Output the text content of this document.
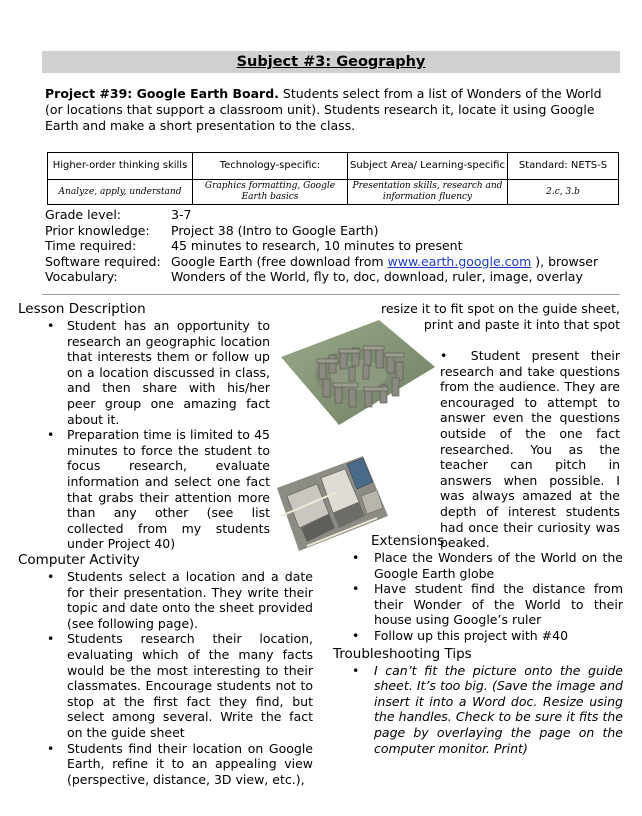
Subject #3: Geography
Project #39: Google Earth Board. Students select from a list of Wonders of the World (or locations that support a classroom unit). Students research it, locate it using Google Earth and make a short presentation to the class.
Higher-order thinking skills	Technology-specific:	Subject Area/ Learning-specific	Standard: NETS-S
Analyze, apply, understand	Graphics formatting, Google Earth basics	Presentation skills, research and information fluency	2.c, 3.b
Grade level:	3-7
Prior knowledge:	Project 38 (Intro to Google Earth)
Time required:	45 minutes to research, 10 minutes to present
Software required: Google Earth (free download from www.earth.google.com ), browser
Vocabulary:	Wonders of the World, fly to, doc, download, ruler, image, overlay
Lesson Description
• Student has an opportunity to research an geographic location that interests them or follow up on a location discussed in class, and then share with his/her peer group one amazing fact about it.
• Preparation time is limited to 45 minutes to force the student to focus research, evaluate information and select one fact that grabs their attention more than any other (see list collected from my students under Project 40)
Computer Activity
• Students select a location and a date for their presentation. They write their topic and date onto the sheet provided (see following page).
• Students research their location, evaluating which of the many facts would be the most interesting to their classmates. Encourage students not to stop at the first fact they find, but select among several. Write the fact on the guide sheet
• Students find their location on Google Earth, refine it to an appealing view (perspective, distance, 3D view, etc.),
resize it to fit spot on the guide sheet, print and paste it into that spot
•  Student present their research and take questions from the audience. They are encouraged to attempt to answer even the questions outside of the one fact researched. You as the teacher can pitch in answers when possible. I was always amazed at the depth of interest students had once their curiosity was peaked.
Extensions
• Place the Wonders of the World on the Google Earth globe
• Have student find the distance from their Wonder of the World to their house using Google’s ruler
• Follow up this project with #40
Troubleshooting Tips
• I can’t fit the picture onto the guide sheet. It’s too big. (Save the image and insert it into a Word doc. Resize using the handles. Check to be sure it fits the page by overlaying the page on the computer monitor. Print)
